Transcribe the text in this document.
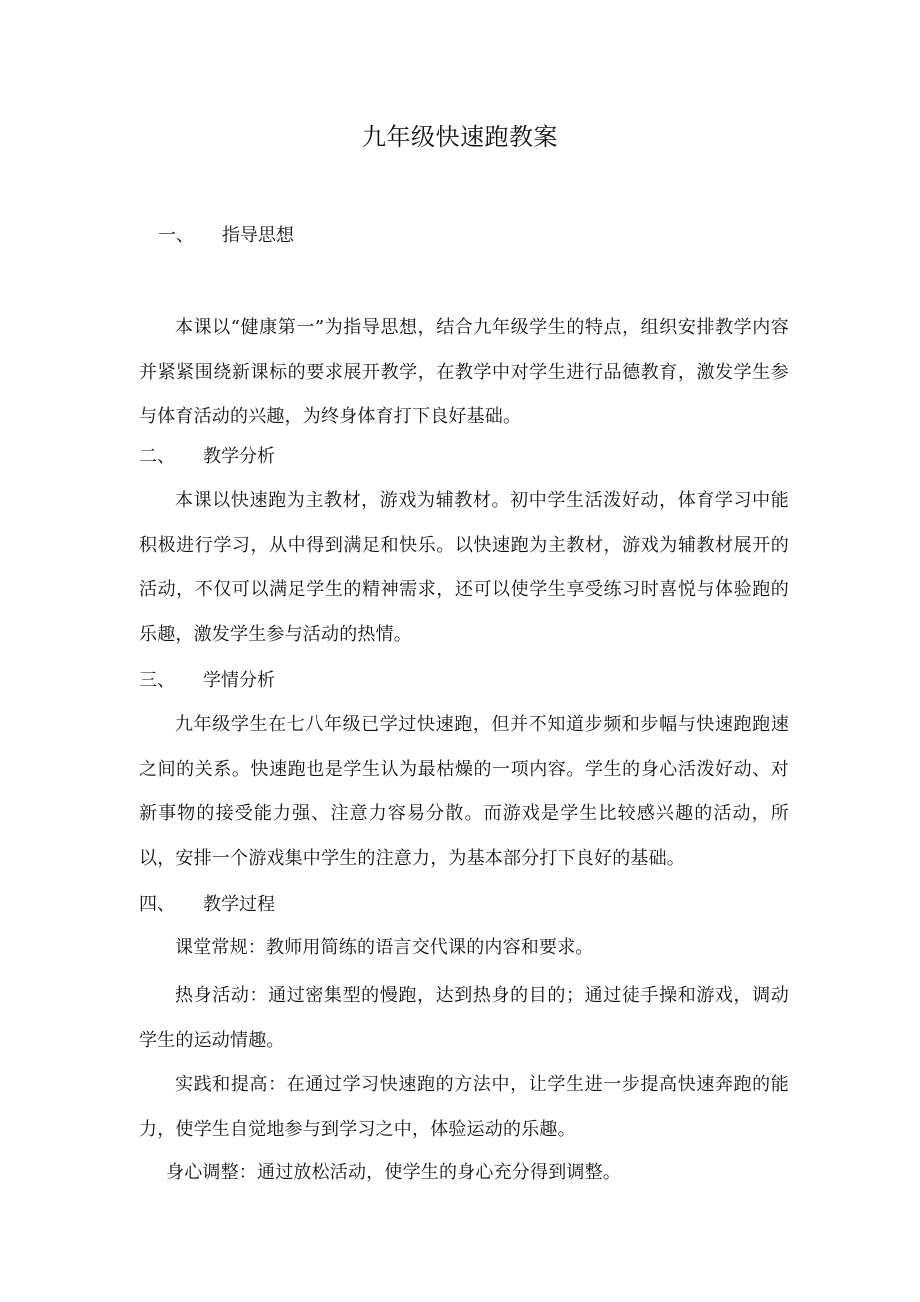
九年级快速跑教案
一、 指导思想
本课以“健康第一”为指导思想，结合九年级学生的特点，组织安排教学内容并紧紧围绕新课标的要求展开教学，在教学中对学生进行品德教育，激发学生参与体育活动的兴趣，为终身体育打下良好基础。
二、 教学分析
本课以快速跑为主教材，游戏为辅教材。初中学生活泼好动，体育学习中能积极进行学习，从中得到满足和快乐。以快速跑为主教材，游戏为辅教材展开的活动，不仅可以满足学生的精神需求，还可以使学生享受练习时喜悦与体验跑的乐趣，激发学生参与活动的热情。
三、 学情分析
九年级学生在七八年级已学过快速跑，但并不知道步频和步幅与快速跑跑速之间的关系。快速跑也是学生认为最枯燥的一项内容。学生的身心活泼好动、对新事物的接受能力强、注意力容易分散。而游戏是学生比较感兴趣的活动，所以，安排一个游戏集中学生的注意力，为基本部分打下良好的基础。
四、 教学过程
课堂常规：教师用简练的语言交代课的内容和要求。
热身活动：通过密集型的慢跑，达到热身的目的；通过徒手操和游戏，调动学生的运动情趣。
实践和提高：在通过学习快速跑的方法中，让学生进一步提高快速奔跑的能力，使学生自觉地参与到学习之中，体验运动的乐趣。
身心调整：通过放松活动，使学生的身心充分得到调整。
